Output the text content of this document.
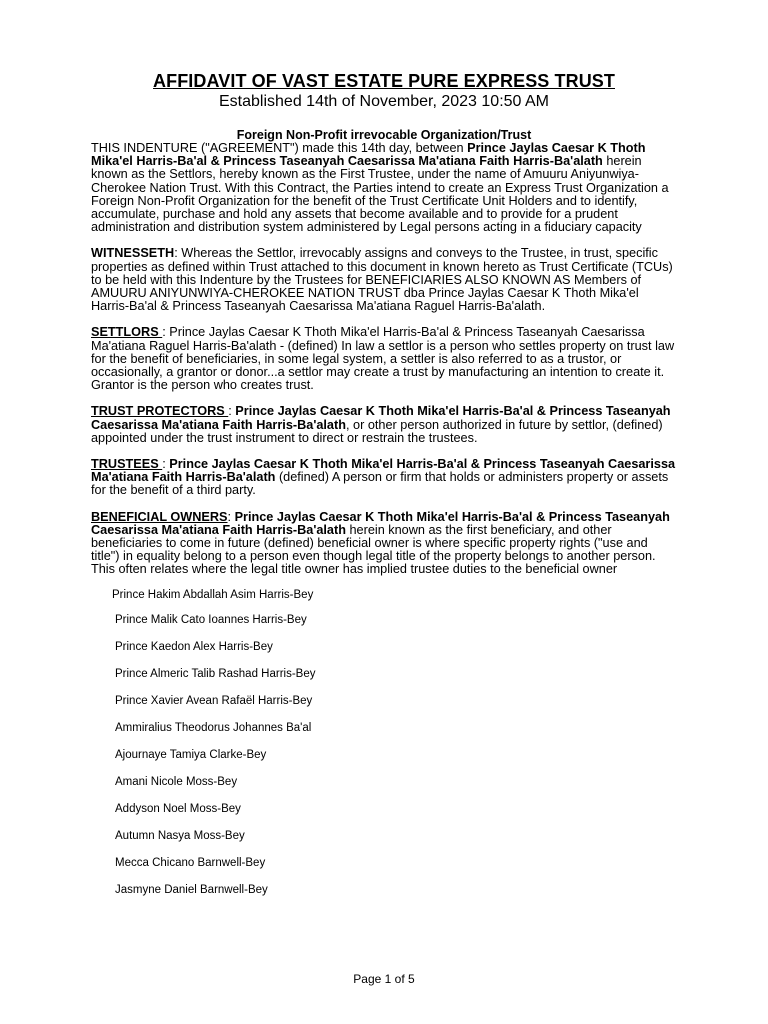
AFFIDAVIT OF VAST ESTATE PURE EXPRESS TRUST

Established 14th of November, 2023 10:50 AM

Foreign Non-Profit irrevocable Organization/Trust

THIS INDENTURE ("AGREEMENT") made this 14th day, between Prince Jaylas Caesar K Thoth Mika'el Harris-Ba'al & Princess Taseanyah Caesarissa Ma'atiana Faith Harris-Ba'alath herein known as the Settlors, hereby known as the First Trustee, under the name of Amuuru Aniyunwiya-Cherokee Nation Trust. With this Contract, the Parties intend to create an Express Trust Organization a Foreign Non-Profit Organization for the benefit of the Trust Certificate Unit Holders and to identify, accumulate, purchase and hold any assets that become available and to provide for a prudent administration and distribution system administered by Legal persons acting in a fiduciary capacity

WITNESSETH: Whereas the Settlor, irrevocably assigns and conveys to the Trustee, in trust, specific properties as defined within Trust attached to this document in known hereto as Trust Certificate (TCUs) to be held with this Indenture by the Trustees for BENEFICIARIES ALSO KNOWN AS Members of AMUURU ANIYUNWIYA-CHEROKEE NATION TRUST dba Prince Jaylas Caesar K Thoth Mika'el Harris-Ba'al & Princess Taseanyah Caesarissa Ma'atiana Raguel Harris-Ba'alath.

SETTLORS : Prince Jaylas Caesar K Thoth Mika'el Harris-Ba'al & Princess Taseanyah Caesarissa Ma'atiana Raguel Harris-Ba'alath - (defined) In law a settlor is a person who settles property on trust law for the benefit of beneficiaries, in some legal system, a settler is also referred to as a trustor, or occasionally, a grantor or donor...a settlor may create a trust by manufacturing an intention to create it. Grantor is the person who creates trust.

TRUST PROTECTORS : Prince Jaylas Caesar K Thoth Mika'el Harris-Ba'al & Princess Taseanyah Caesarissa Ma'atiana Faith Harris-Ba'alath, or other person authorized in future by settlor, (defined) appointed under the trust instrument to direct or restrain the trustees.

TRUSTEES : Prince Jaylas Caesar K Thoth Mika'el Harris-Ba'al & Princess Taseanyah Caesarissa Ma'atiana Faith Harris-Ba'alath (defined) A person or firm that holds or administers property or assets for the benefit of a third party.

BENEFICIAL OWNERS: Prince Jaylas Caesar K Thoth Mika'el Harris-Ba'al & Princess Taseanyah Caesarissa Ma'atiana Faith Harris-Ba'alath herein known as the first beneficiary, and other beneficiaries to come in future (defined) beneficial owner is where specific property rights ("use and title") in equality belong to a person even though legal title of the property belongs to another person. This often relates where the legal title owner has implied trustee duties to the beneficial owner

Prince Hakim Abdallah Asim Harris-Bey
Prince Malik Cato Ioannes Harris-Bey
Prince Kaedon Alex Harris-Bey
Prince Almeric Talib Rashad Harris-Bey
Prince Xavier Avean Rafaël Harris-Bey
Ammiralius Theodorus Johannes Ba'al
Ajournaye Tamiya Clarke-Bey
Amani Nicole Moss-Bey
Addyson Noel Moss-Bey
Autumn Nasya Moss-Bey
Mecca Chicano Barnwell-Bey
Jasmyne Daniel Barnwell-Bey
Page 1 of 5
